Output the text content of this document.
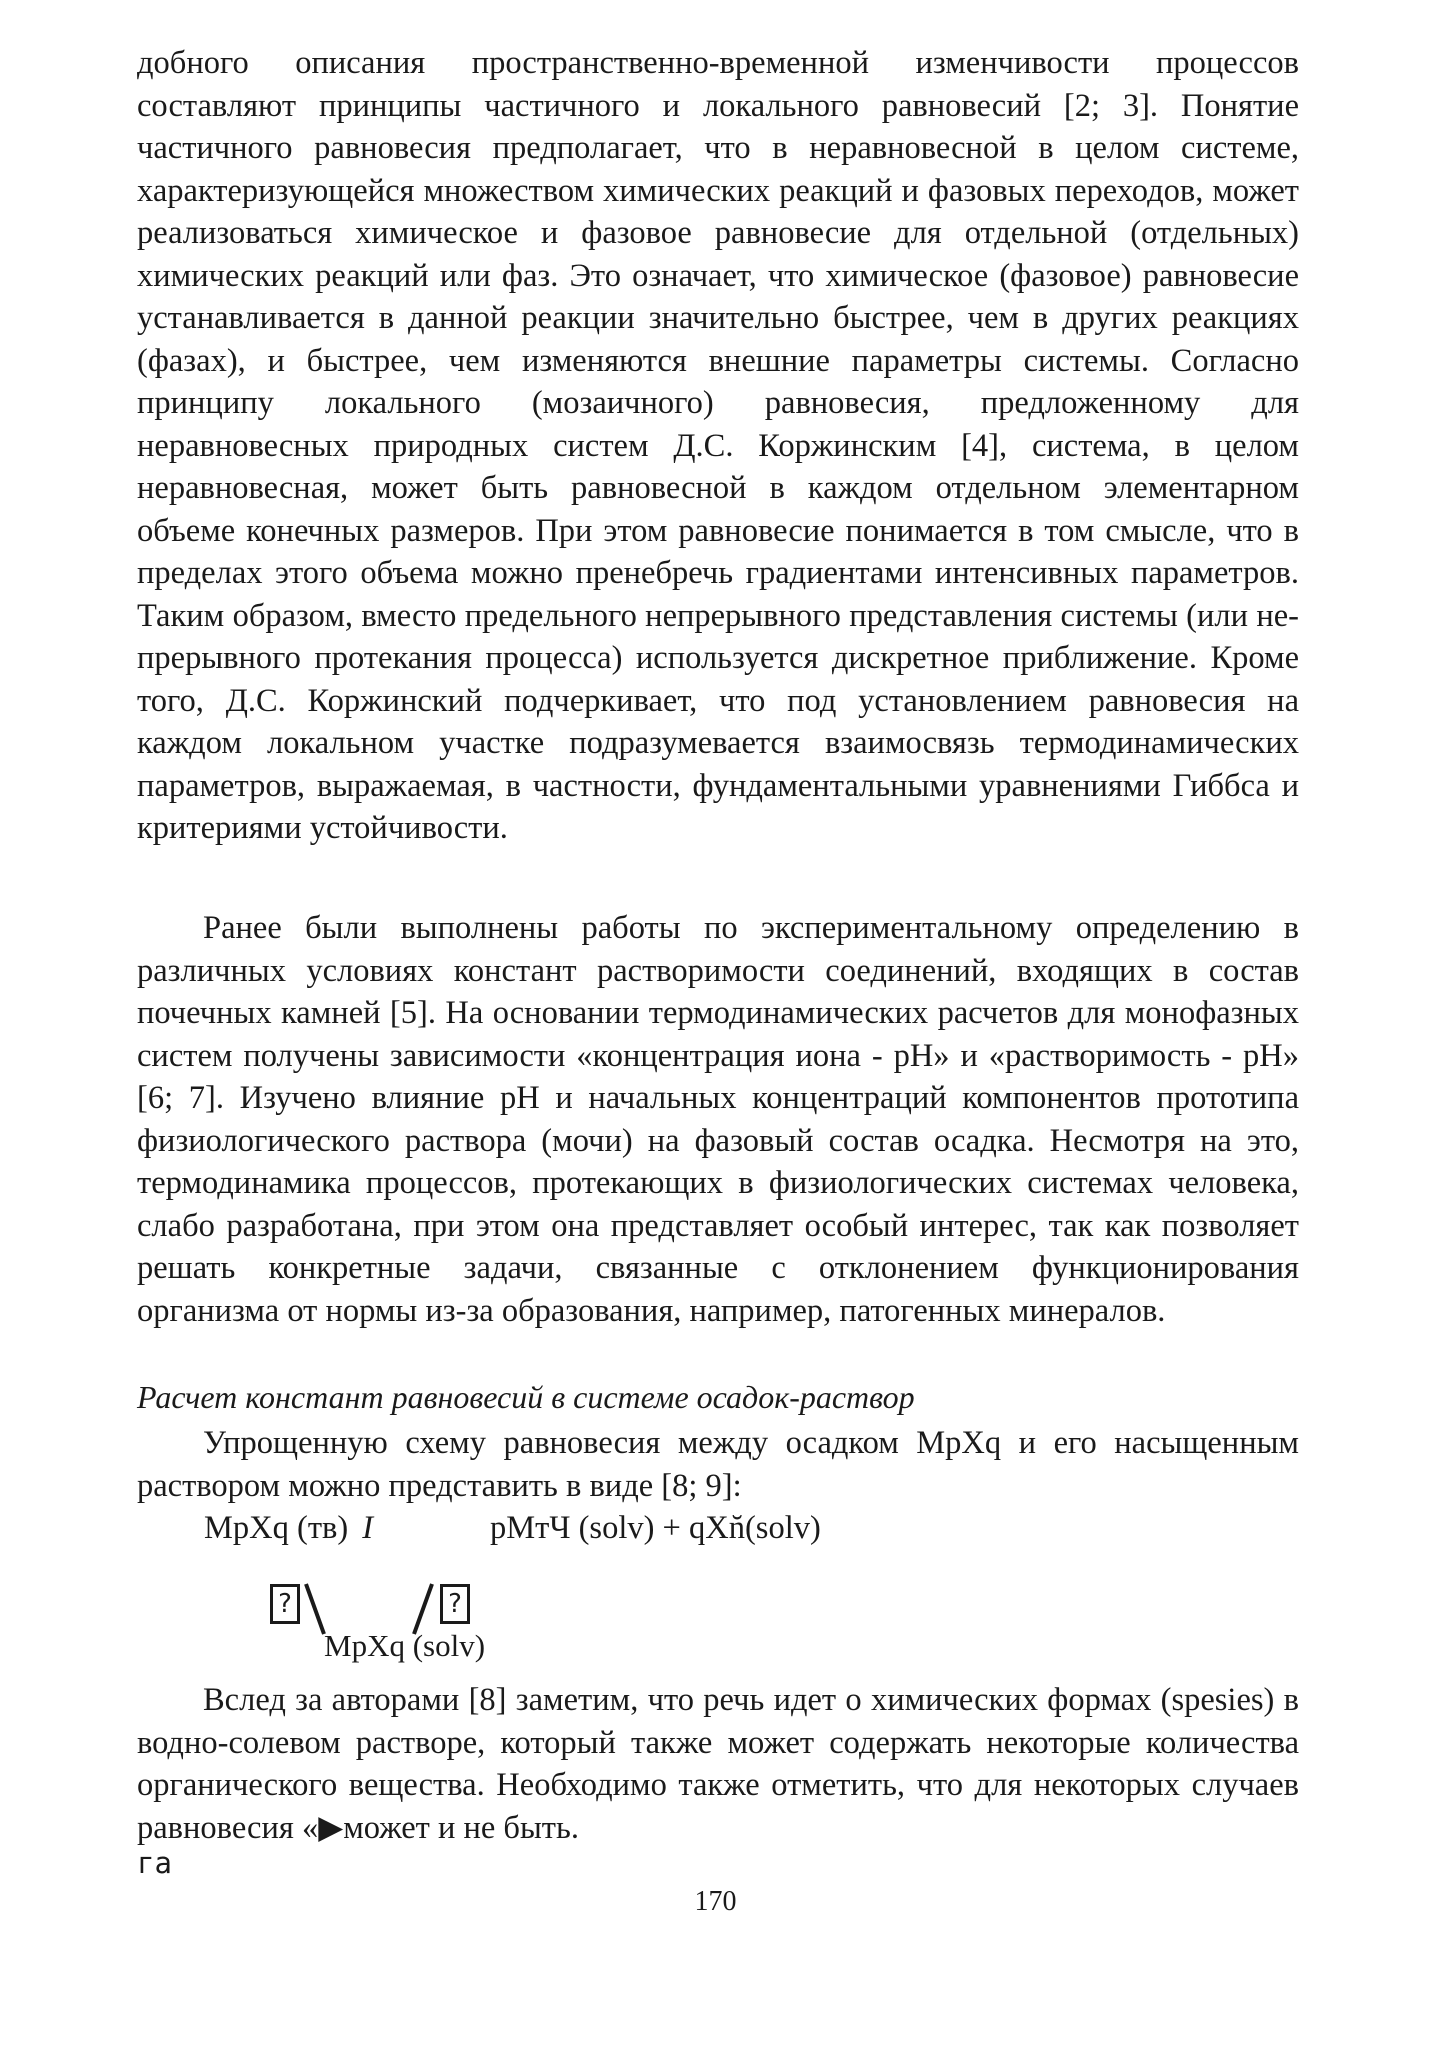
добного описания пространственно-временной изменчивости процессов составляют принципы частичного и локального равновесий [2; 3]. Понятие частичного равновесия предполагает, что в неравновесной в целом системе, характеризующейся множеством химических реакций и фазовых переходов, может реализоваться химическое и фазовое равновесие для отдельной (отдельных) химических реакций или фаз. Это означает, что химическое (фазовое) равновесие устанавливается в данной реакции значительно быстрее, чем в других реакциях (фазах), и быстрее, чем изменяются внешние параметры системы. Согласно принципу локального (мозаичного) равновесия, предложенному для неравновесных природных систем Д.С. Коржинским [4], система, в целом неравновесная, может быть равновесной в каждом отдельном элементарном объеме конечных размеров. При этом равновесие понимается в том смысле, что в пределах этого объема можно пренебречь градиентами интенсивных параметров. Таким образом, вместо предельного непрерывного представления системы (или непрерывного протекания процесса) используется дискретное приближение. Кроме того, Д.С. Коржинский подчеркивает, что под установлением равновесия на каждом локальном участке подразумевается взаимосвязь термодинамических параметров, выражаемая, в частности, фундаментальными уравнениями Гиббса и критериями устойчивости.
Ранее были выполнены работы по экспериментальному определению в различных условиях констант растворимости соединений, входящих в состав почечных камней [5]. На основании термодинамических расчетов для монофазных систем получены зависимости «концентрация иона - pH» и «растворимость - pH» [6; 7]. Изучено влияние pH и начальных концентраций компонентов прототипа физиологического раствора (мочи) на фазовый состав осадка. Несмотря на это, термодинамика процессов, протекающих в физиологических системах человека, слабо разработана, при этом она представляет особый интерес, так как позволяет решать конкретные задачи, связанные с отклонением функционирования организма от нормы из-за образования, например, патогенных минералов.
Расчет констант равновесий в системе осадок-раствор
Упрощенную схему равновесия между осадком MpXq и его насыщенным раствором можно представить в виде [8; 9]:
MpXq (тв) I	pMтЧ (solv) + qXn̆(solv)
?	?
MpXq (solv)
Вслед за авторами [8] заметим, что речь идет о химических формах (spesies) в водно-солевом растворе, который также может содержать некоторые количества органического вещества. Необходимо также отметить, что для некоторых случаев равновесия «▶может и не быть.
га
170
